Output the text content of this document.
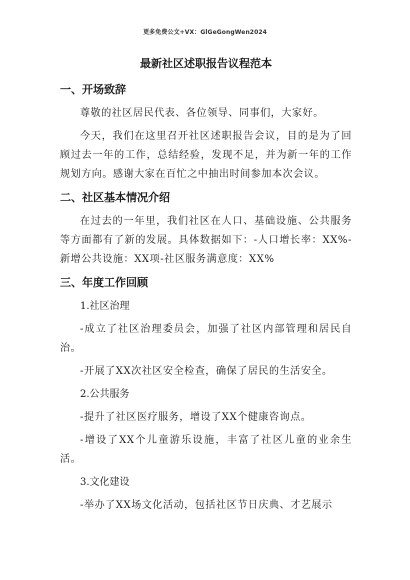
更多免费公文+VX：GlGeGongWen2024
最新社区述职报告议程范本
一、开场致辞
尊敬的社区居民代表、各位领导、同事们，大家好。
今天，我们在这里召开社区述职报告会议，目的是为了回顾过去一年的工作，总结经验，发现不足，并为新一年的工作规划方向。感谢大家在百忙之中抽出时间参加本次会议。
二、社区基本情况介绍
在过去的一年里，我们社区在人口、基础设施、公共服务等方面都有了新的发展。具体数据如下：-人口增长率：XX%-新增公共设施：XX项-社区服务满意度：XX%
三、年度工作回顾
1.社区治理
-成立了社区治理委员会，加强了社区内部管理和居民自治。
-开展了XX次社区安全检查，确保了居民的生活安全。
2.公共服务
-提升了社区医疗服务，增设了XX个健康咨询点。
-增设了XX个儿童游乐设施，丰富了社区儿童的业余生活。
3.文化建设
-举办了XX场文化活动，包括社区节日庆典、才艺展示
